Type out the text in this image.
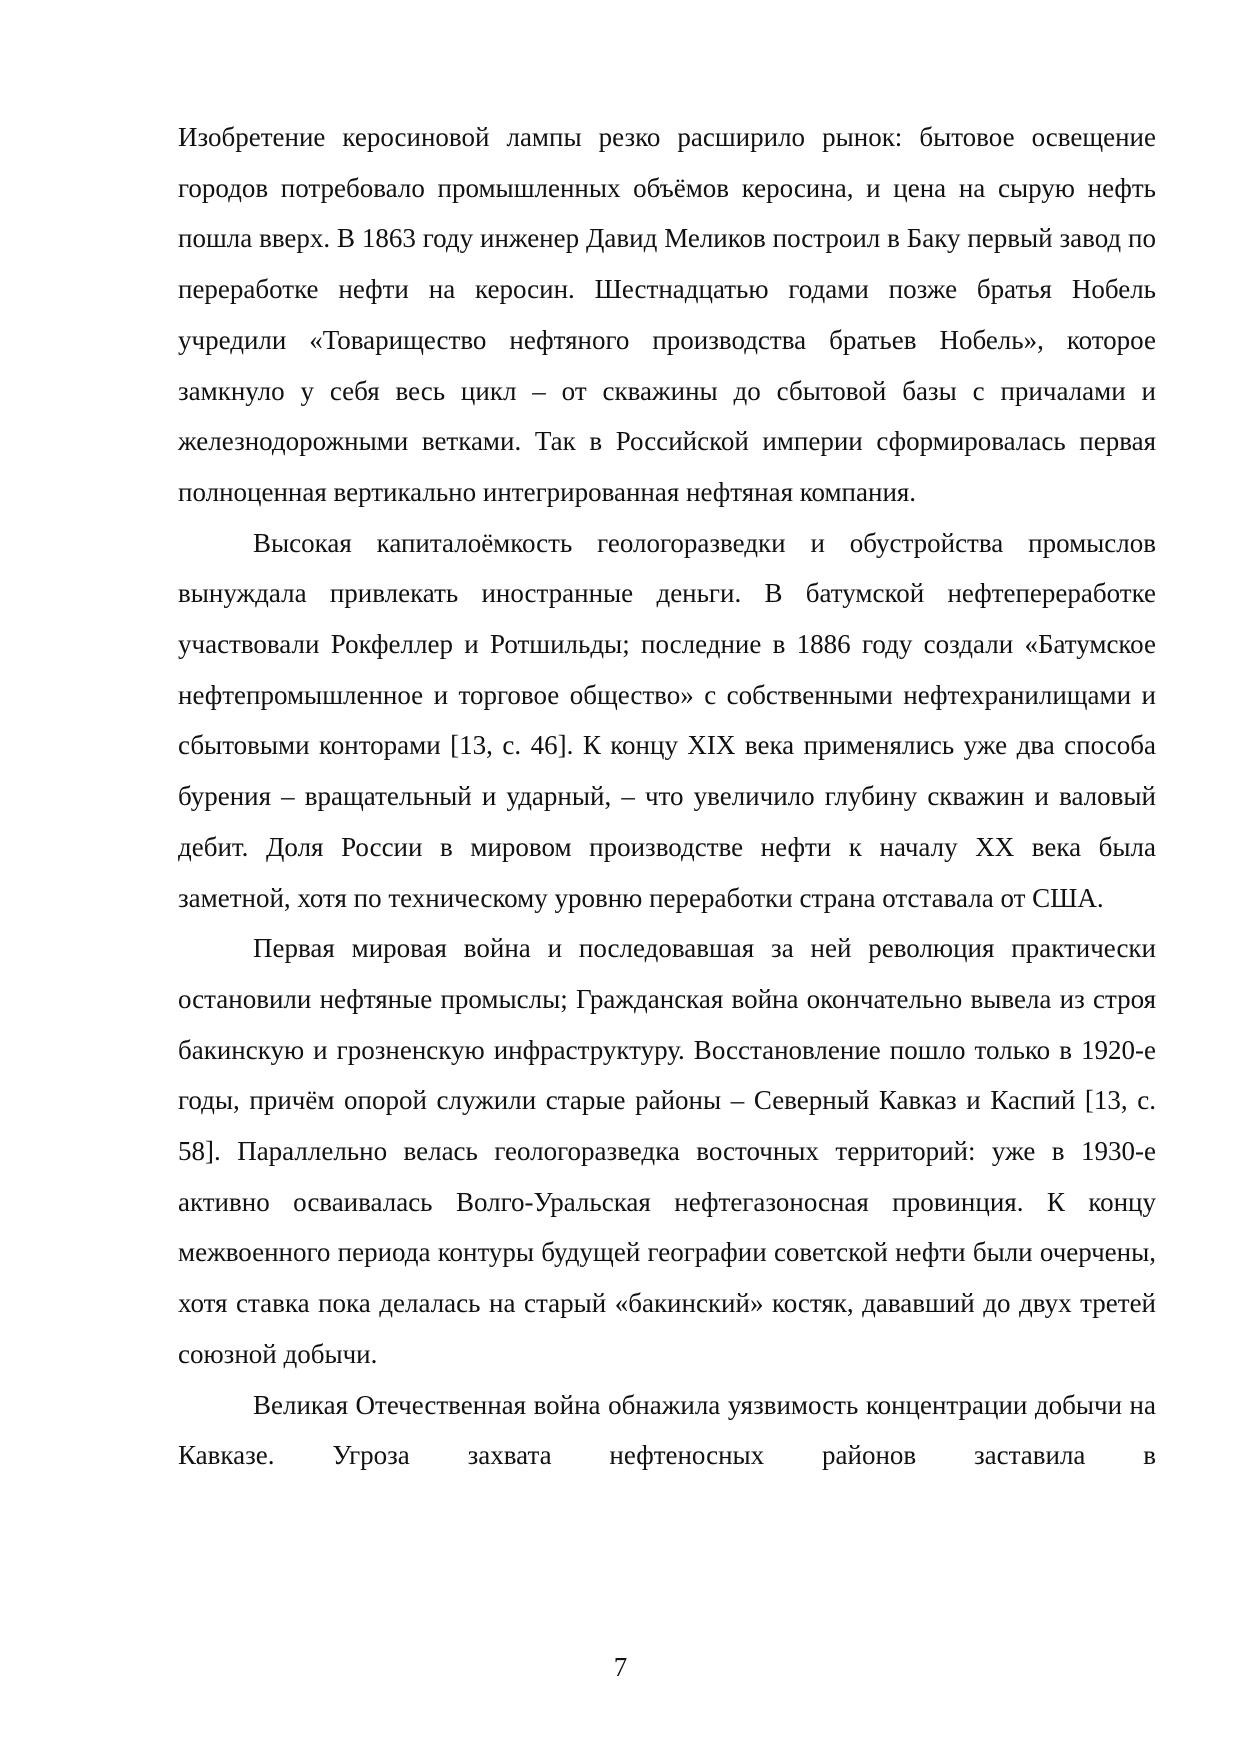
Изобретение керосиновой лампы резко расширило рынок: бытовое освещение городов потребовало промышленных объёмов керосина, и цена на сырую нефть пошла вверх. В 1863 году инженер Давид Меликов построил в Баку первый завод по переработке нефти на керосин. Шестнадцатью годами позже братья Нобель учредили «Товарищество нефтяного производства братьев Нобель», которое замкнуло у себя весь цикл – от скважины до сбытовой базы с причалами и железнодорожными ветками. Так в Российской империи сформировалась первая полноценная вертикально интегрированная нефтяная компания.

Высокая капиталоёмкость геологоразведки и обустройства промыслов вынуждала привлекать иностранные деньги. В батумской нефтепереработке участвовали Рокфеллер и Ротшильды; последние в 1886 году создали «Батумское нефтепромышленное и торговое общество» с собственными нефтехранилищами и сбытовыми конторами [13, с. 46]. К концу XIX века применялись уже два способа бурения – вращательный и ударный, – что увеличило глубину скважин и валовый дебит. Доля России в мировом производстве нефти к началу XX века была заметной, хотя по техническому уровню переработки страна отставала от США.

Первая мировая война и последовавшая за ней революция практически остановили нефтяные промыслы; Гражданская война окончательно вывела из строя бакинскую и грозненскую инфраструктуру. Восстановление пошло только в 1920-е годы, причём опорой служили старые районы – Северный Кавказ и Каспий [13, с. 58]. Параллельно велась геологоразведка восточных территорий: уже в 1930-е активно осваивалась Волго-Уральская нефтегазоносная провинция. К концу межвоенного периода контуры будущей географии советской нефти были очерчены, хотя ставка пока делалась на старый «бакинский» костяк, дававший до двух третей союзной добычи.

Великая Отечественная война обнажила уязвимость концентрации добычи на Кавказе. Угроза захвата нефтеносных районов заставила в

7
